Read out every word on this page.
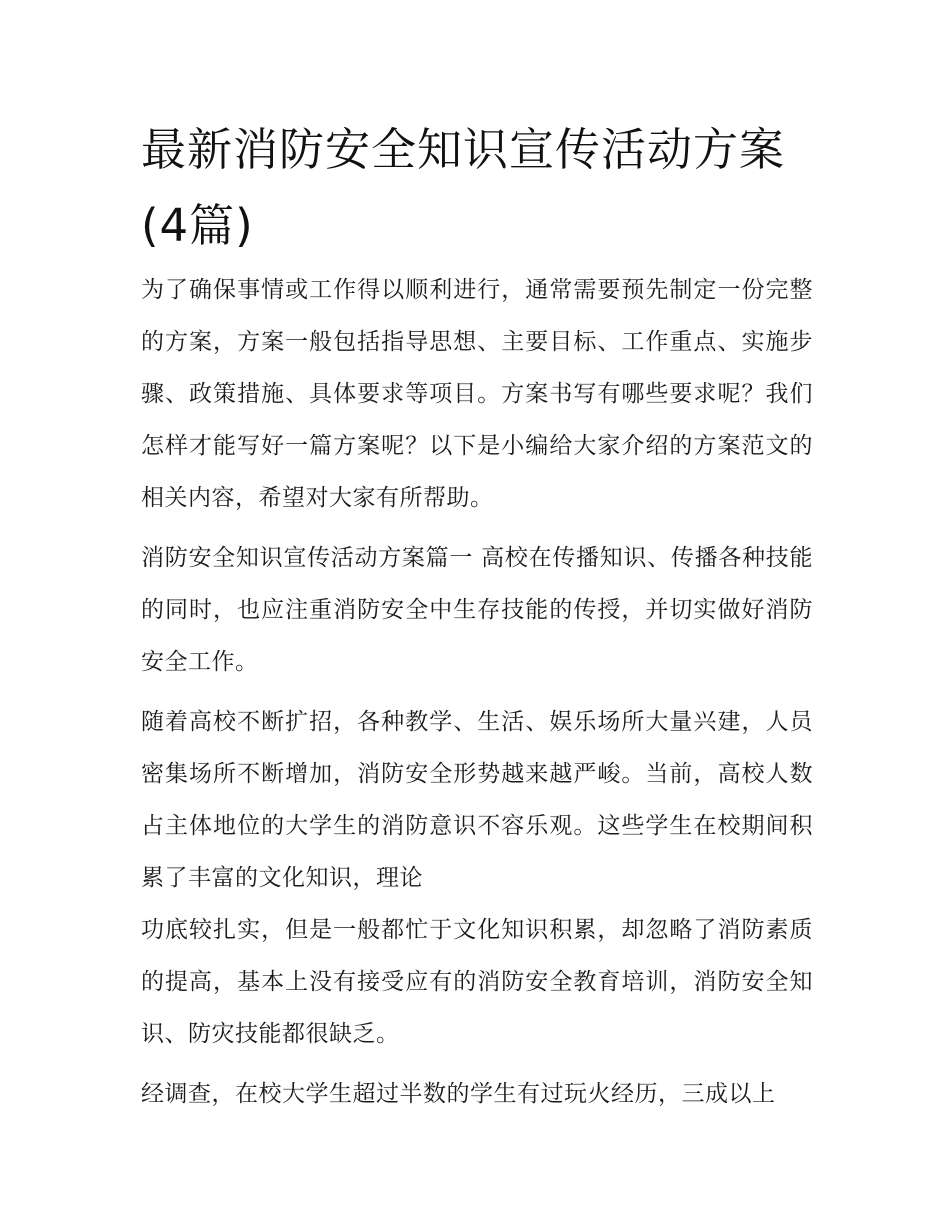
最新消防安全知识宣传活动方案(4篇)

为了确保事情或工作得以顺利进行，通常需要预先制定一份完整的方案，方案一般包括指导思想、主要目标、工作重点、实施步骤、政策措施、具体要求等项目。方案书写有哪些要求呢？我们怎样才能写好一篇方案呢？以下是小编给大家介绍的方案范文的相关内容，希望对大家有所帮助。

消防安全知识宣传活动方案篇一 高校在传播知识、传播各种技能的同时，也应注重消防安全中生存技能的传授，并切实做好消防安全工作。

随着高校不断扩招，各种教学、生活、娱乐场所大量兴建，人员密集场所不断增加，消防安全形势越来越严峻。当前，高校人数占主体地位的大学生的消防意识不容乐观。这些学生在校期间积累了丰富的文化知识，理论

功底较扎实，但是一般都忙于文化知识积累，却忽略了消防素质的提高，基本上没有接受应有的消防安全教育培训，消防安全知识、防灾技能都很缺乏。

经调查，在校大学生超过半数的学生有过玩火经历，三成以上
